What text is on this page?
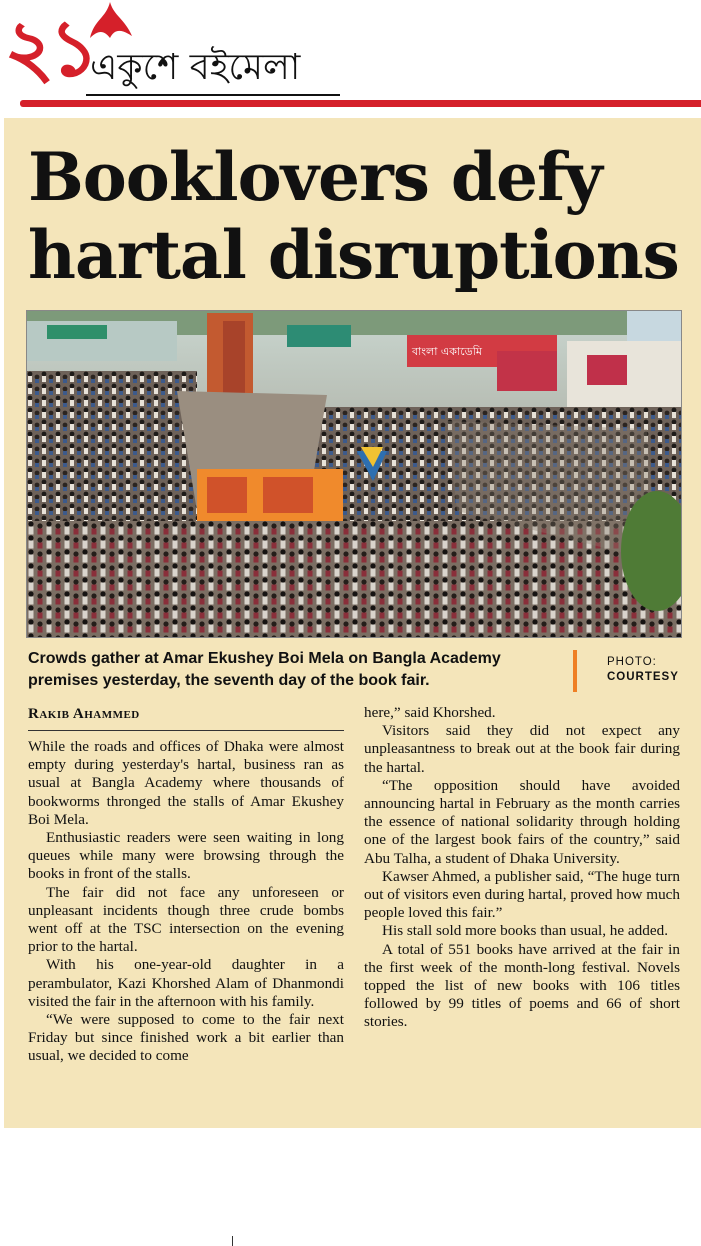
২১
একুশে বইমেলা
Booklovers defy
hartal disruptions
বাংলা একাডেমি

Crowds gather at Amar Ekushey Boi Mela on Bangla Academy premises yesterday, the seventh day of the book fair.

PHOTO:
COURTESY
Rakib Ahammed

While the roads and offices of Dhaka were almost empty during yesterday's hartal, business ran as usual at Bangla Academy where thousands of bookworms thronged the stalls of Amar Ekushey Boi Mela.

Enthusiastic readers were seen waiting in long queues while many were browsing through the books in front of the stalls.

The fair did not face any unforeseen or unpleasant incidents though three crude bombs went off at the TSC intersection on the evening prior to the hartal.

With his one-year-old daughter in a perambulator, Kazi Khorshed Alam of Dhanmondi visited the fair in the afternoon with his family.

“We were supposed to come to the fair next Friday but since finished work a bit earlier than usual, we decided to come

here,” said Khorshed.

Visitors said they did not expect any unpleasantness to break out at the book fair during the hartal.

“The opposition should have avoided announcing hartal in February as the month carries the essence of national solidarity through holding one of the largest book fairs of the country,” said Abu Talha, a student of Dhaka University.

Kawser Ahmed, a publisher said, “The huge turn out of visitors even during hartal, proved how much people loved this fair.”

His stall sold more books than usual, he added.

A total of 551 books have arrived at the fair in the first week of the month-long festival. Novels topped the list of new books with 106 titles followed by 99 titles of poems and 66 of short stories.
